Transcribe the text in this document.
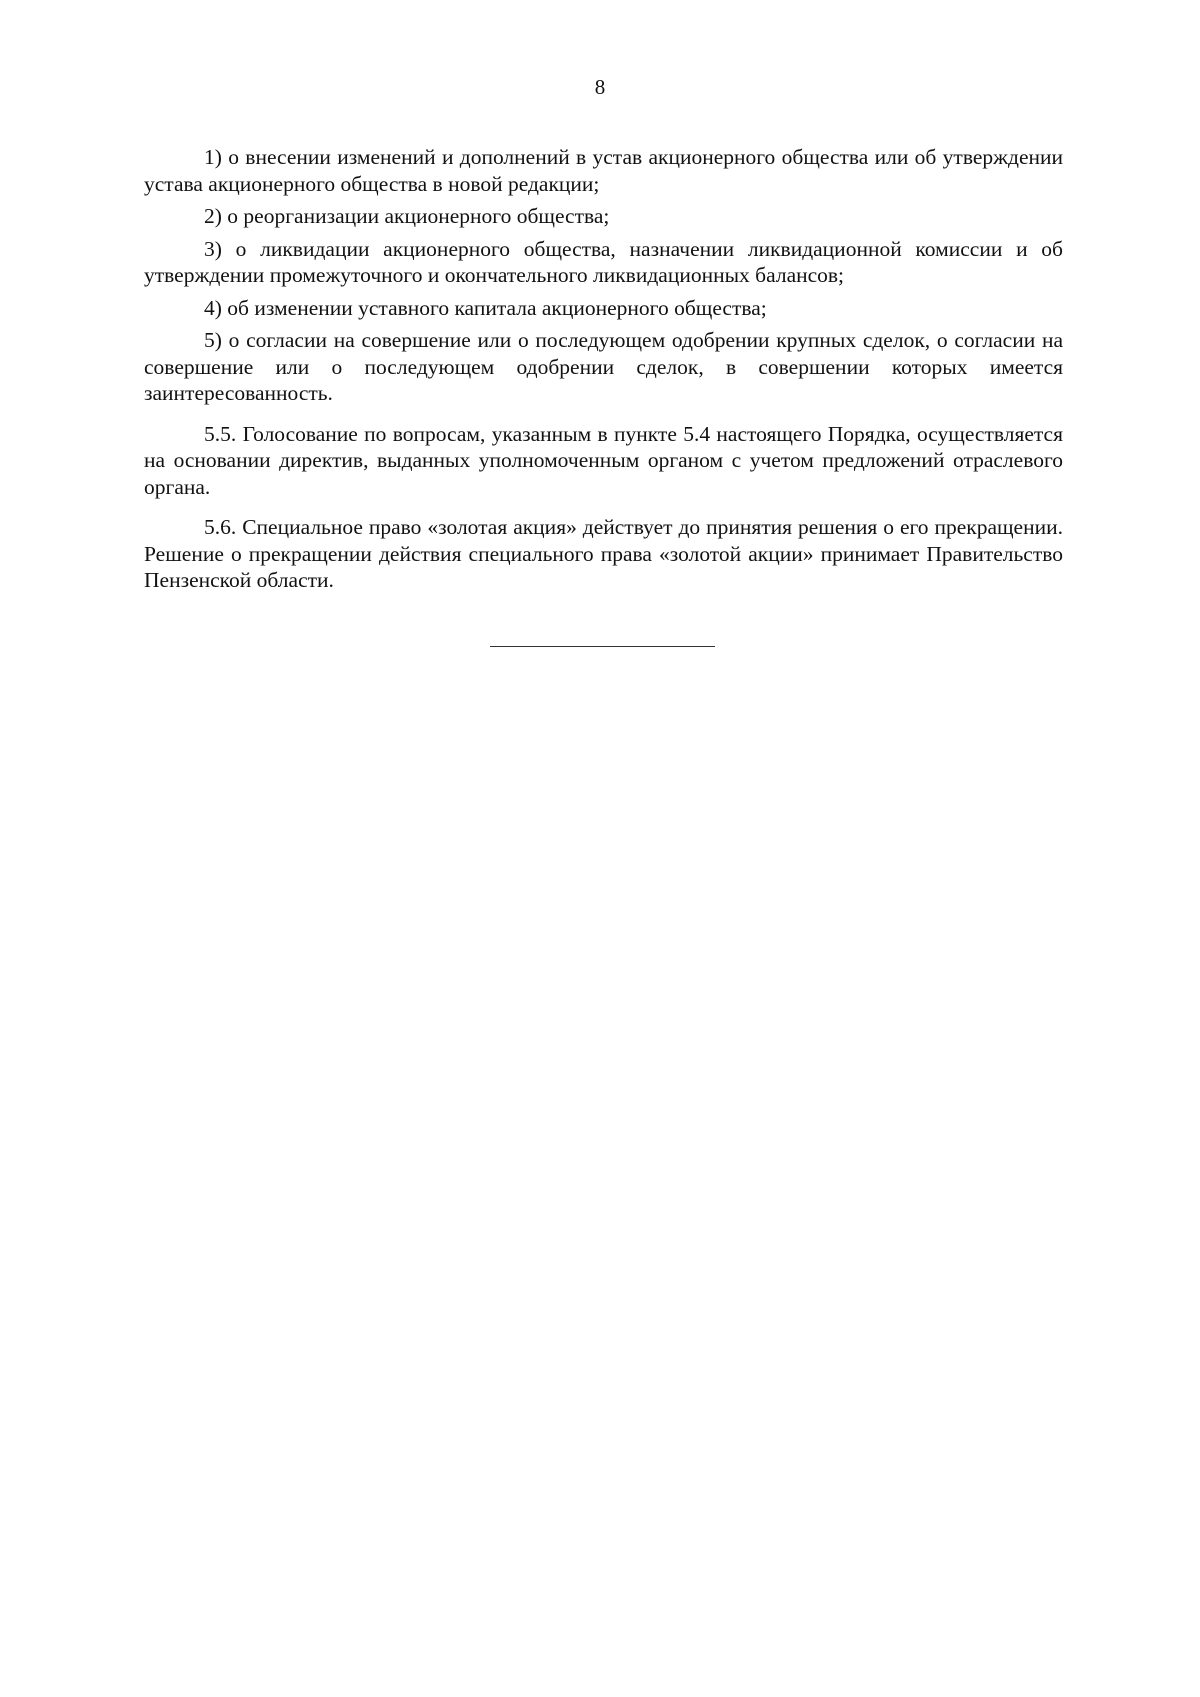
8

1) о внесении изменений и дополнений в устав акционерного общества или об утверждении устава акционерного общества в новой редакции;

2) о реорганизации акционерного общества;

3) о ликвидации акционерного общества, назначении ликвидационной комиссии и об утверждении промежуточного и окончательного ликвидационных балансов;

4) об изменении уставного капитала акционерного общества;

5) о согласии на совершение или о последующем одобрении крупных сделок, о согласии на совершение или о последующем одобрении сделок, в совершении которых имеется заинтересованность.

5.5. Голосование по вопросам, указанным в пункте 5.4 настоящего Порядка, осуществляется на основании директив, выданных уполномоченным органом с учетом предложений отраслевого органа.

5.6. Специальное право «золотая акция» действует до принятия решения о его прекращении. Решение о прекращении действия специального права «золотой акции» принимает Правительство Пензенской области.
